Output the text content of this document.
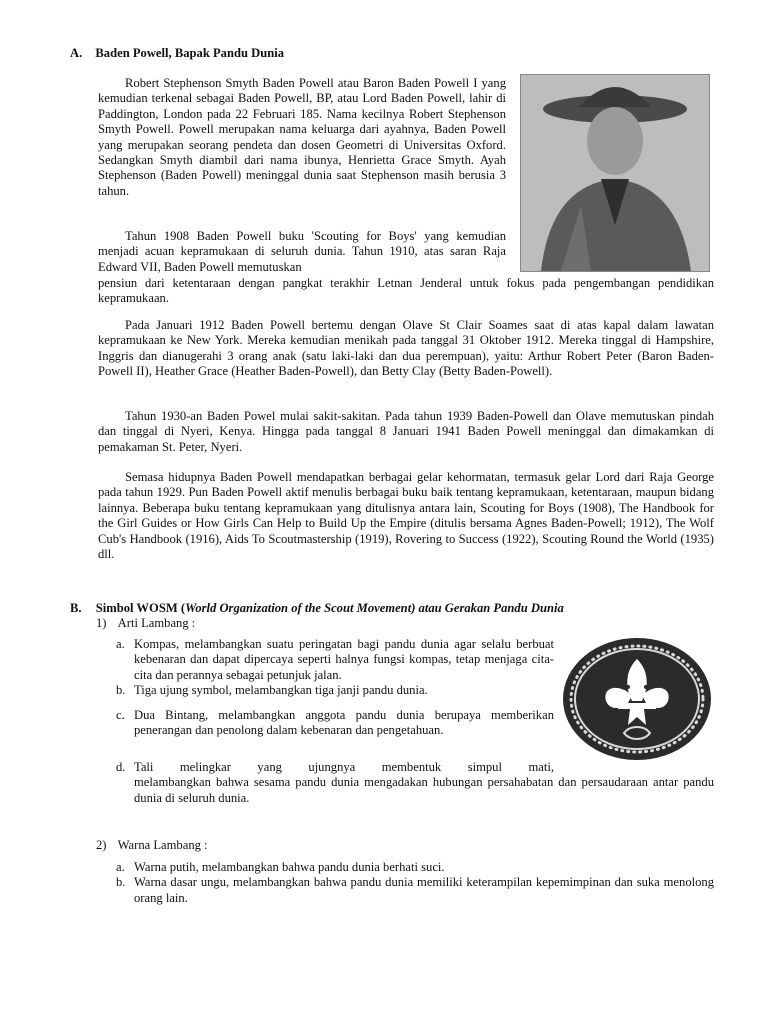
A. Baden Powell, Bapak Pandu Dunia

Robert Stephenson Smyth Baden Powell atau Baron Baden Powell I yang kemudian terkenal sebagai Baden Powell, BP, atau Lord Baden Powell, lahir di Paddington, London pada 22 Februari 185. Nama kecilnya Robert Stephenson Smyth Powell. Powell merupakan nama keluarga dari ayahnya, Baden Powell yang merupakan seorang pendeta dan dosen Geometri di Universitas Oxford. Sedangkan Smyth diambil dari nama ibunya, Henrietta Grace Smyth. Ayah Stephenson (Baden Powell) meninggal dunia saat Stephenson masih berusia 3 tahun.

Tahun 1908 Baden Powell buku 'Scouting for Boys' yang kemudian menjadi acuan kepramukaan di seluruh dunia. Tahun 1910, atas saran Raja Edward VII, Baden Powell memutuskan

pensiun dari ketentaraan dengan pangkat terakhir Letnan Jenderal untuk fokus pada pengembangan pendidikan kepramukaan.

Pada Januari 1912 Baden Powell bertemu dengan Olave St Clair Soames saat di atas kapal dalam lawatan kepramukaan ke New York. Mereka kemudian menikah pada tanggal 31 Oktober 1912. Mereka tinggal di Hampshire, Inggris dan dianugerahi 3 orang anak (satu laki-laki dan dua perempuan), yaitu: Arthur Robert Peter (Baron Baden-Powell II), Heather Grace (Heather Baden-Powell), dan Betty Clay (Betty Baden-Powell).

Tahun 1930-an Baden Powel mulai sakit-sakitan. Pada tahun 1939 Baden-Powell dan Olave memutuskan pindah dan tinggal di Nyeri, Kenya. Hingga pada tanggal 8 Januari 1941 Baden Powell meninggal dan dimakamkan di pemakaman St. Peter, Nyeri.

Semasa hidupnya Baden Powell mendapatkan berbagai gelar kehormatan, termasuk gelar Lord dari Raja George pada tahun 1929. Pun Baden Powell aktif menulis berbagai buku baik tentang kepramukaan, ketentaraan, maupun bidang lainnya. Beberapa buku tentang kepramukaan yang ditulisnya antara lain, Scouting for Boys (1908), The Handbook for the Girl Guides or How Girls Can Help to Build Up the Empire (ditulis bersama Agnes Baden-Powell; 1912), The Wolf Cub's Handbook (1916), Aids To Scoutmastership (1919), Rovering to Success (1922), Scouting Round the World (1935) dll.

B. Simbol WOSM (World Organization of the Scout Movement) atau Gerakan Pandu Dunia
1) Arti Lambang :
a. Kompas, melambangkan suatu peringatan bagi pandu dunia agar selalu berbuat kebenaran dan dapat dipercaya seperti halnya fungsi kompas, tetap menjaga cita-cita dan perannya sebagai petunjuk jalan.
b. Tiga ujung symbol, melambangkan tiga janji pandu dunia.
c. Dua Bintang, melambangkan anggota pandu dunia berupaya memberikan penerangan dan penolong dalam kebenaran dan pengetahuan.
d. Tali melingkar yang ujungnya membentuk simpul mati,
melambangkan bahwa sesama pandu dunia mengadakan hubungan persahabatan dan persaudaraan antar pandu dunia di seluruh dunia.
2) Warna Lambang :
a. Warna putih, melambangkan bahwa pandu dunia berhati suci.
b. Warna dasar ungu, melambangkan bahwa pandu dunia memiliki keterampilan kepemimpinan dan suka menolong orang lain.
